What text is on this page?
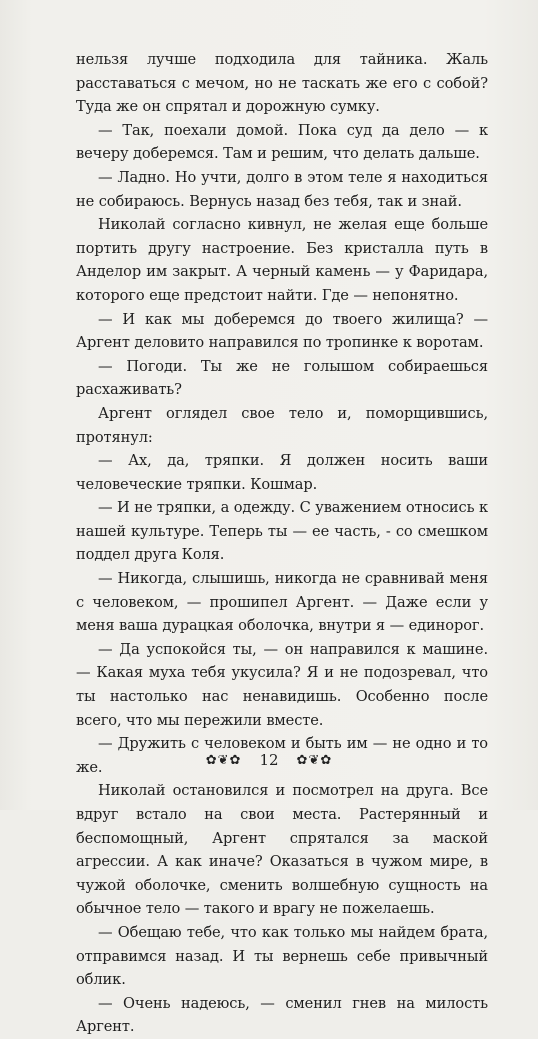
нельзя лучше подходила для тайника. Жаль расставаться с мечом, но не таскать же его с собой? Туда же он спрятал и дорожную сумку.

— Так, поехали домой. Пока суд да дело — к вечеру доберемся. Там и решим, что делать дальше.

— Ладно. Но учти, долго в этом теле я находиться не собираюсь. Вернусь назад без тебя, так и знай.

Николай согласно кивнул, не желая еще больше портить другу настроение. Без кристалла путь в Анделор им закрыт. А черный камень — у Фаридара, которого еще предстоит найти. Где — непонятно.

— И как мы доберемся до твоего жилища? — Аргент деловито направился по тропинке к воротам.

— Погоди. Ты же не голышом собираешься расхаживать?

Аргент оглядел свое тело и, поморщившись, протянул:

— Ах, да, тряпки. Я должен носить ваши человеческие тряпки. Кошмар.

— И не тряпки, а одежду. С уважением относись к нашей культуре. Теперь ты — ее часть, - со смешком поддел друга Коля.

— Никогда, слышишь, никогда не сравнивай меня с человеком, — прошипел Аргент. — Даже если у меня ваша дурацкая оболочка, внутри я — единорог.

— Да успокойся ты, — он направился к машине. — Какая муха тебя укусила? Я и не подозревал, что ты настолько нас ненавидишь. Особенно после всего, что мы пережили вместе.

— Дружить с человеком и быть им — не одно и то же.

Николай остановился и посмотрел на друга. Все вдруг встало на свои места. Растерянный и беспомощный, Аргент спрятался за маской агрессии. А как иначе? Оказаться в чужом мире, в чужой оболочке, сменить волшебную сущность на обычное тело — такого и врагу не пожелаешь.

— Обещаю тебе, что как только мы найдем брата, отправимся назад. И ты вернешь себе привычный облик.

— Очень надеюсь, — сменил гнев на милость Аргент.

✿❦✿ 12 ✿❦✿
